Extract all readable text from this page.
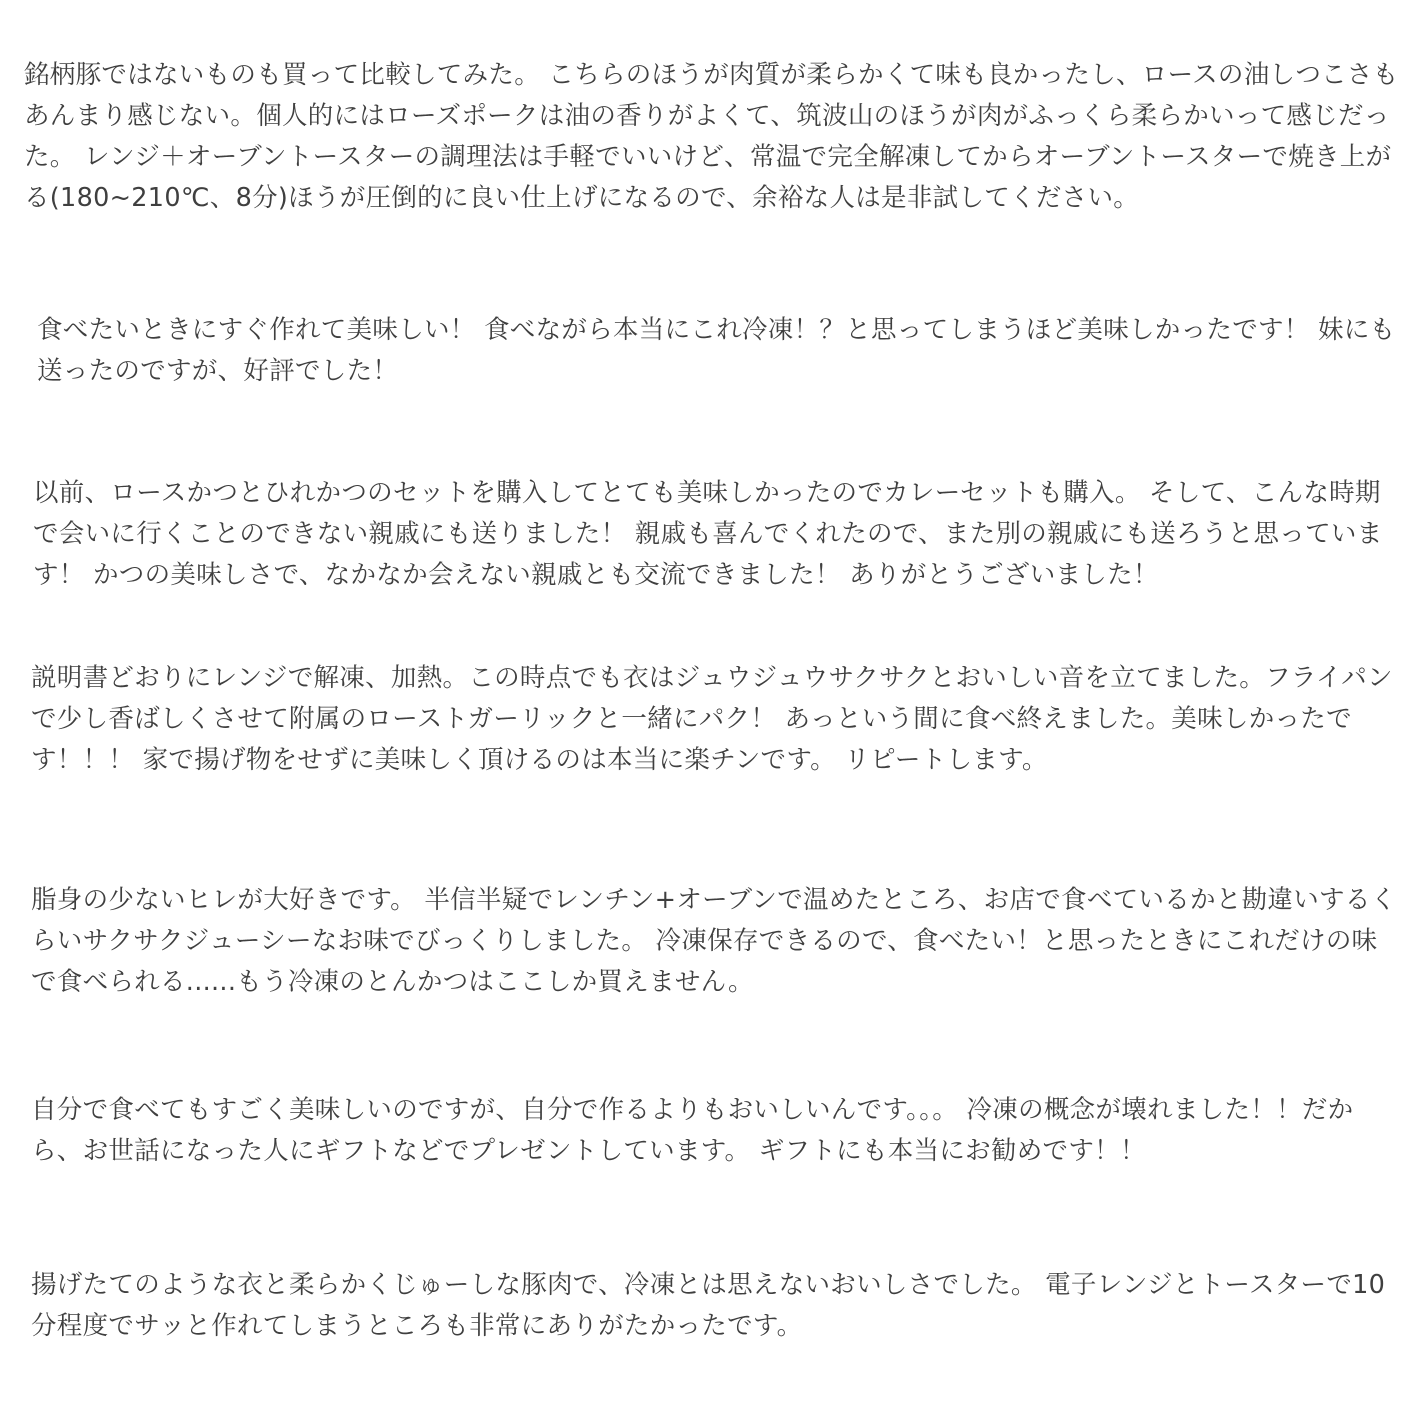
銘柄豚ではないものも買って比較してみた。 こちらのほうが肉質が柔らかくて味も良かったし、ロースの油しつこさもあんまり感じない。個人的にはローズポークは油の香りがよくて、筑波山のほうが肉がふっくら柔らかいって感じだった。 レンジ＋オーブントースターの調理法は手軽でいいけど、常温で完全解凍してからオーブントースターで焼き上がる(180~210℃、8分)ほうが圧倒的に良い仕上げになるので、余裕な人は是非試してください。

食べたいときにすぐ作れて美味しい！ 食べながら本当にこれ冷凍！？と思ってしまうほど美味しかったです！ 妹にも送ったのですが、好評でした！

以前、ロースかつとひれかつのセットを購入してとても美味しかったのでカレーセットも購入。 そして、こんな時期で会いに行くことのできない親戚にも送りました！ 親戚も喜んでくれたので、また別の親戚にも送ろうと思っています！ かつの美味しさで、なかなか会えない親戚とも交流できました！ ありがとうございました！

説明書どおりにレンジで解凍、加熱。この時点でも衣はジュウジュウサクサクとおいしい音を立てました。フライパンで少し香ばしくさせて附属のローストガーリックと一緒にパク！ あっという間に食べ終えました。美味しかったです！！！ 家で揚げ物をせずに美味しく頂けるのは本当に楽チンです。 リピートします。

脂身の少ないヒレが大好きです。 半信半疑でレンチン+オーブンで温めたところ、お店で食べているかと勘違いするくらいサクサクジューシーなお味でびっくりしました。 冷凍保存できるので、食べたい！と思ったときにこれだけの味で食べられる......もう冷凍のとんかつはここしか買えません。

自分で食べてもすごく美味しいのですが、自分で作るよりもおいしいんです。。。 冷凍の概念が壊れました！！だから、お世話になった人にギフトなどでプレゼントしています。 ギフトにも本当にお勧めです！！

揚げたてのような衣と柔らかくじゅーしな豚肉で、冷凍とは思えないおいしさでした。 電子レンジとトースターで10分程度でサッと作れてしまうところも非常にありがたかったです。
